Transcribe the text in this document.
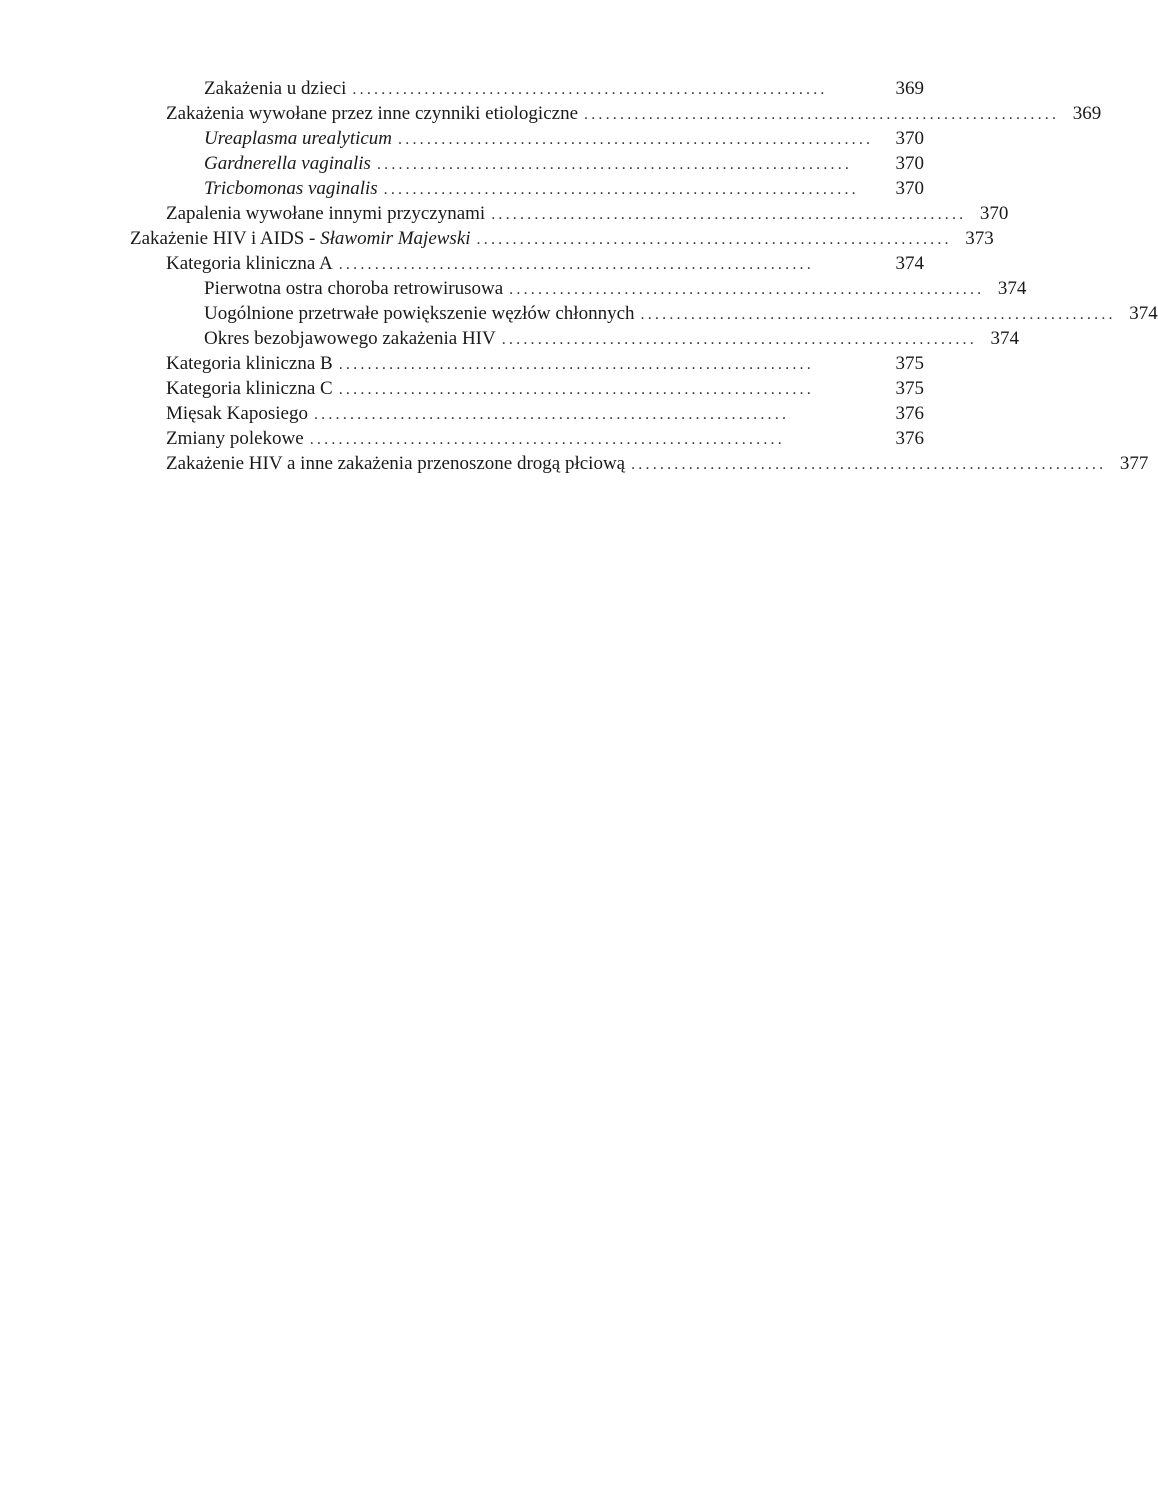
Zakażenia u dzieci ..................................................................	369
Zakażenia wywołane przez inne czynniki etiologiczne .................................................................. 369
Ureaplasma urealyticum ..................................................................	370
Gardnerella vaginalis ..................................................................	370
Tricbomonas vaginalis ..................................................................	370
Zapalenia wywołane innymi przyczynami .................................................................. 370
Zakażenie HIV i AIDS - Sławomir Majewski .................................................................. 373
Kategoria kliniczna A ..................................................................	374
Pierwotna ostra choroba retrowirusowa .................................................................. 374
Uogólnione przetrwałe powiększenie węzłów chłonnych .................................................................. 374
Okres bezobjawowego zakażenia HIV .................................................................. 374
Kategoria kliniczna B ..................................................................	375
Kategoria kliniczna C ..................................................................	375
Mięsak Kaposiego ..................................................................	376
Zmiany polekowe ..................................................................	376
Zakażenie HIV a inne zakażenia przenoszone drogą płciową .................................................................. 377
